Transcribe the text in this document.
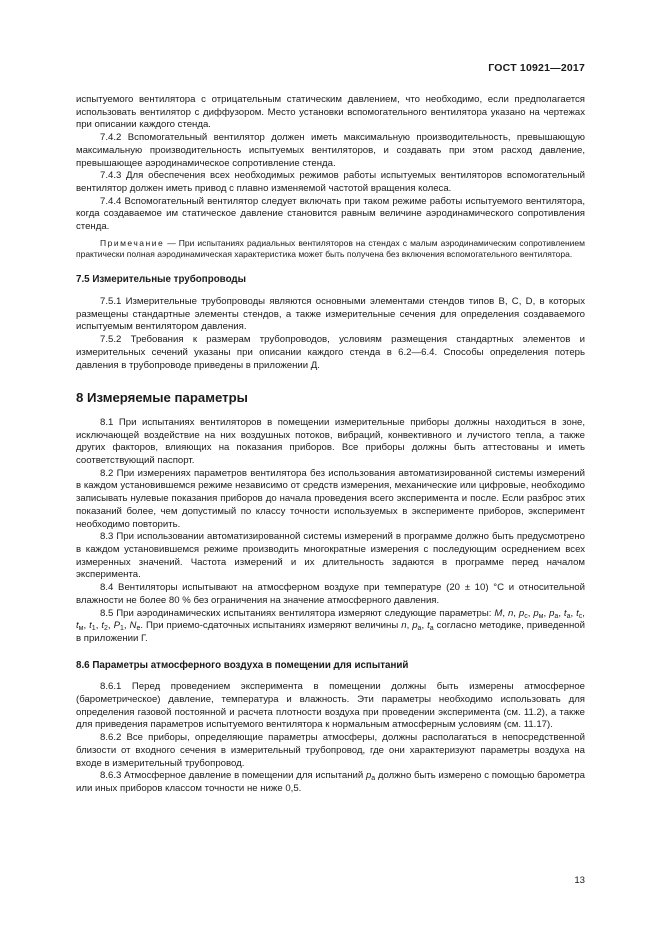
ГОСТ 10921—2017

испытуемого вентилятора с отрицательным статическим давлением, что необходимо, если предполагается использовать вентилятор с диффузором. Место установки вспомогательного вентилятора указано на чертежах при описании каждого стенда.

7.4.2 Вспомогательный вентилятор должен иметь максимальную производительность, превышающую максимальную производительность испытуемых вентиляторов, и создавать при этом расход давление, превышающее аэродинамическое сопротивление стенда.

7.4.3 Для обеспечения всех необходимых режимов работы испытуемых вентиляторов вспомогательный вентилятор должен иметь привод с плавно изменяемой частотой вращения колеса.

7.4.4 Вспомогательный вентилятор следует включать при таком режиме работы испытуемого вентилятора, когда создаваемое им статическое давление становится равным величине аэродинамического сопротивления стенда.

Примечание — При испытаниях радиальных вентиляторов на стендах с малым аэродинамическим сопротивлением практически полная аэродинамическая характеристика может быть получена без включения вспомогательного вентилятора.

7.5 Измерительные трубопроводы

7.5.1 Измерительные трубопроводы являются основными элементами стендов типов B, C, D, в которых размещены стандартные элементы стендов, а также измерительные сечения для определения создаваемого испытуемым вентилятором давления.

7.5.2 Требования к размерам трубопроводов, условиям размещения стандартных элементов и измерительных сечений указаны при описании каждого стенда в 6.2—6.4. Способы определения потерь давления в трубопроводе приведены в приложении Д.

8 Измеряемые параметры

8.1 При испытаниях вентиляторов в помещении измерительные приборы должны находиться в зоне, исключающей воздействие на них воздушных потоков, вибраций, конвективного и лучистого тепла, а также других факторов, влияющих на показания приборов. Все приборы должны быть аттестованы и иметь соответствующий паспорт.

8.2 При измерениях параметров вентилятора без использования автоматизированной системы измерений в каждом установившемся режиме независимо от средств измерения, механические или цифровые, необходимо записывать нулевые показания приборов до начала проведения всего эксперимента и после. Если разброс этих показаний более, чем допустимый по классу точности используемых в эксперименте приборов, эксперимент необходимо повторить.

8.3 При использовании автоматизированной системы измерений в программе должно быть предусмотрено в каждом установившемся режиме производить многократные измерения с последующим осреднением всех измеренных значений. Частота измерений и их длительность задаются в программе перед началом эксперимента.

8.4 Вентиляторы испытывают на атмосферном воздухе при температуре (20 ± 10) °С и относительной влажности не более 80 % без ограничения на значение атмосферного давления.

8.5 При аэродинамических испытаниях вентилятора измеряют следующие параметры: M, n, $p_c$, $p_м$, $p_a$, $t_a$, $t_c$, $t_м$, $t_1$, $t_2$, $P_1$, $N_e$. При приемо-сдаточных испытаниях измеряют величины n, $p_a$, $t_a$ согласно методике, приведенной в приложении Г.

8.6 Параметры атмосферного воздуха в помещении для испытаний

8.6.1 Перед проведением эксперимента в помещении должны быть измерены атмосферное (барометрическое) давление, температура и влажность. Эти параметры необходимо использовать для определения газовой постоянной и расчета плотности воздуха при проведении эксперимента (см. 11.2), а также для приведения параметров испытуемого вентилятора к нормальным атмосферным условиям (см. 11.17).

8.6.2 Все приборы, определяющие параметры атмосферы, должны располагаться в непосредственной близости от входного сечения в измерительный трубопровод, где они характеризуют параметры воздуха на входе в измерительный трубопровод.

8.6.3 Атмосферное давление в помещении для испытаний $p_a$ должно быть измерено с помощью барометра или иных приборов классом точности не ниже 0,5.

13
